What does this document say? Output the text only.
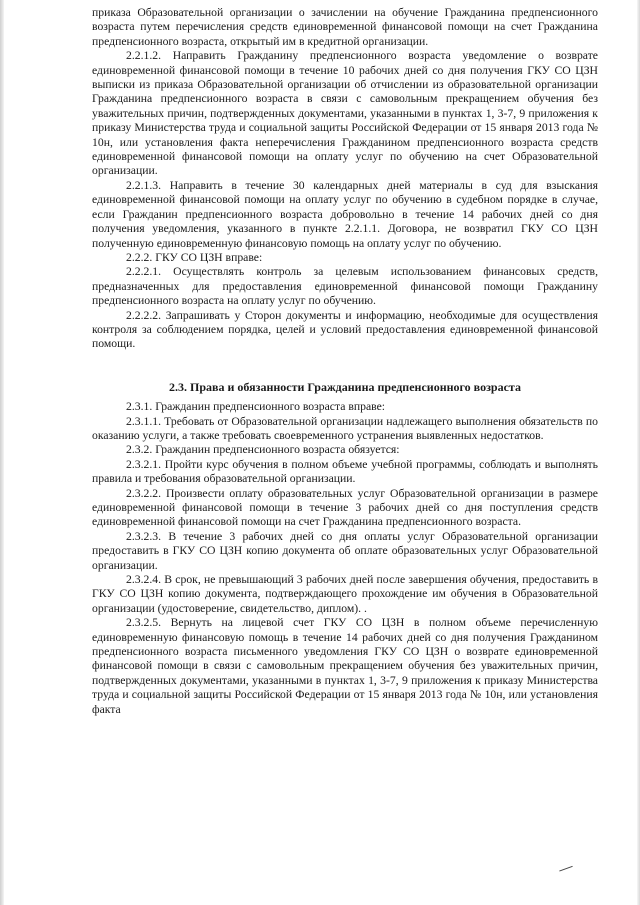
приказа Образовательной организации о зачислении на обучение Гражданина предпенсионного возраста путем перечисления средств единовременной финансовой помощи на счет Гражданина предпенсионного возраста, открытый им в кредитной организации.

2.2.1.2. Направить Гражданину предпенсионного возраста уведомление о возврате единовременной финансовой помощи в течение 10 рабочих дней со дня получения ГКУ СО ЦЗН выписки из приказа Образовательной организации об отчислении из образовательной организации Гражданина предпенсионного возраста в связи с самовольным прекращением обучения без уважительных причин, подтвержденных документами, указанными в пунктах 1, 3-7, 9 приложения к приказу Министерства труда и социальной защиты Российской Федерации от 15 января 2013 года № 10н, или установления факта неперечисления Гражданином предпенсионного возраста средств единовременной финансовой помощи на оплату услуг по обучению на счет Образовательной организации.

2.2.1.3. Направить в течение 30 календарных дней материалы в суд для взыскания единовременной финансовой помощи на оплату услуг по обучению в судебном порядке в случае, если Гражданин предпенсионного возраста добровольно в течение 14 рабочих дней со дня получения уведомления, указанного в пункте 2.2.1.1. Договора, не возвратил ГКУ СО ЦЗН полученную единовременную финансовую помощь на оплату услуг по обучению.

2.2.2. ГКУ СО ЦЗН вправе:

2.2.2.1. Осуществлять контроль за целевым использованием финансовых средств, предназначенных для предоставления единовременной финансовой помощи Гражданину предпенсионного возраста на оплату услуг по обучению.

2.2.2.2. Запрашивать у Сторон документы и информацию, необходимые для осуществления контроля за соблюдением порядка, целей и условий предоставления единовременной финансовой помощи.

2.3. Права и обязанности Гражданина предпенсионного возраста

2.3.1. Гражданин предпенсионного возраста вправе:

2.3.1.1. Требовать от Образовательной организации надлежащего выполнения обязательств по оказанию услуги, а также требовать своевременного устранения выявленных недостатков.

2.3.2. Гражданин предпенсионного возраста обязуется:

2.3.2.1. Пройти курс обучения в полном объеме учебной программы, соблюдать и выполнять правила и требования образовательной организации.

2.3.2.2. Произвести оплату образовательных услуг Образовательной организации в размере единовременной финансовой помощи в течение 3 рабочих дней со дня поступления средств единовременной финансовой помощи на счет Гражданина предпенсионного возраста.

2.3.2.3. В течение 3 рабочих дней со дня оплаты услуг Образовательной организации предоставить в ГКУ СО ЦЗН копию документа об оплате образовательных услуг Образовательной организации.

2.3.2.4. В срок, не превышающий 3 рабочих дней после завершения обучения, предоставить в ГКУ СО ЦЗН копию документа, подтверждающего прохождение им обучения в Образовательной организации (удостоверение, свидетельство, диплом). .

2.3.2.5. Вернуть на лицевой счет ГКУ СО ЦЗН в полном объеме перечисленную единовременную финансовую помощь в течение 14 рабочих дней со дня получения Гражданином предпенсионного возраста письменного уведомления ГКУ СО ЦЗН о возврате единовременной финансовой помощи в связи с самовольным прекращением обучения без уважительных причин, подтвержденных документами, указанными в пунктах 1, 3-7, 9 приложения к приказу Министерства труда и социальной защиты Российской Федерации от 15 января 2013 года № 10н, или установления факта
